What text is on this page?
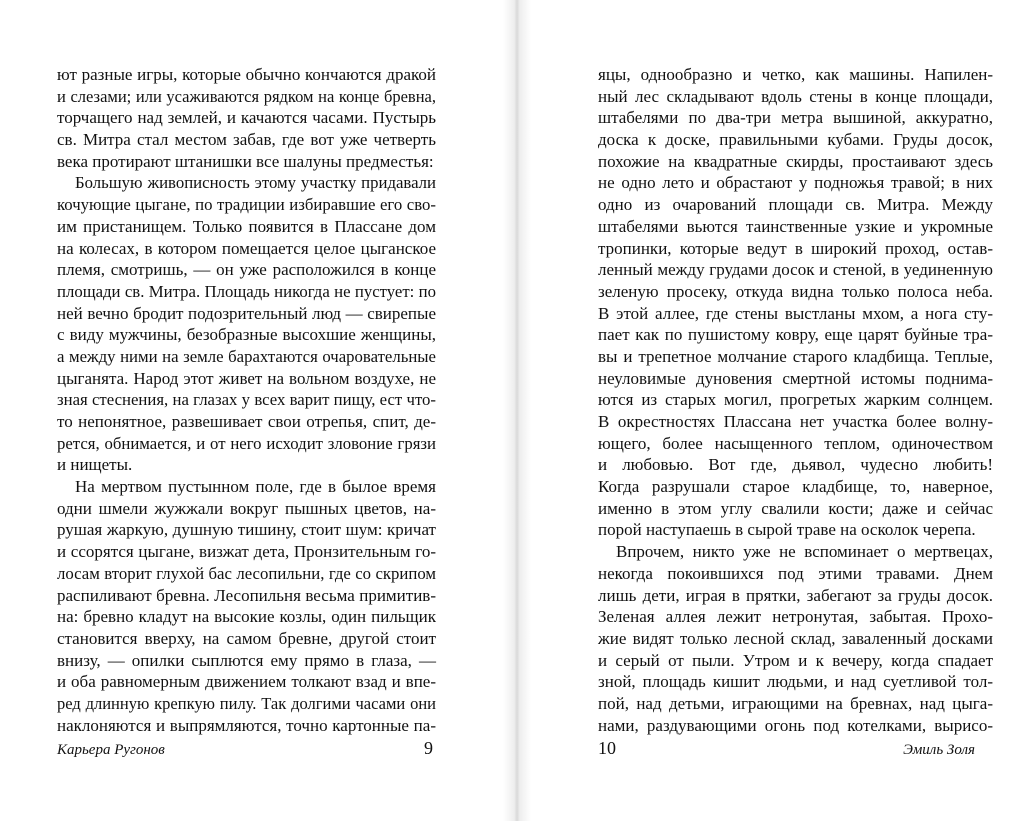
ют разные игры, которые обычно кончаются дракой
и слезами; или усаживаются рядком на конце бревна,
торчащего над землей, и качаются часами. Пустырь
св. Митра стал местом забав, где вот уже четверть
века протирают штанишки все шалуны предместья:
Большую живописность этому участку придавали
кочующие цыгане, по традиции избиравшие его сво-
им пристанищем. Только появится в Плассане дом
на колесах, в котором помещается целое цыганское
племя, смотришь, — он уже расположился в конце
площади св. Митра. Площадь никогда не пустует: по
ней вечно бродит подозрительный люд — свирепые
с виду мужчины, безобразные высохшие женщины,
а между ними на земле барахтаются очаровательные
цыганята. Народ этот живет на вольном воздухе, не
зная стеснения, на глазах у всех варит пищу, ест что-
то непонятное, развешивает свои отрепья, спит, де-
рется, обнимается, и от него исходит зловоние грязи
и нищеты.
На мертвом пустынном поле, где в былое время
одни шмели жужжали вокруг пышных цветов, на-
рушая жаркую, душную тишину, стоит шум: кричат
и ссорятся цыгане, визжат дета, Пронзительным го-
лосам вторит глухой бас лесопильни, где со скрипом
распиливают бревна. Лесопильня весьма примитив-
на: бревно кладут на высокие козлы, один пильщик
становится вверху, на самом бревне, другой стоит
внизу, — опилки сыплются ему прямо в глаза, —
и оба равномерным движением толкают взад и впе-
ред длинную крепкую пилу. Так долгими часами они
наклоняются и выпрямляются, точно картонные па-
Карьера Ругонов	9
яцы, однообразно и четко, как машины. Напилен-
ный лес складывают вдоль стены в конце площади,
штабелями по два-три метра вышиной, аккуратно,
доска к доске, правильными кубами. Груды досок,
похожие на квадратные скирды, простаивают здесь
не одно лето и обрастают у подножья травой; в них
одно из очарований площади св. Митра. Между
штабелями вьются таинственные узкие и укромные
тропинки, которые ведут в широкий проход, остав-
ленный между грудами досок и стеной, в уединенную
зеленую просеку, откуда видна только полоса неба.
В этой аллее, где стены выстланы мхом, а нога сту-
пает как по пушистому ковру, еще царят буйные тра-
вы и трепетное молчание старого кладбища. Теплые,
неуловимые дуновения смертной истомы поднима-
ются из старых могил, прогретых жарким солнцем.
В окрестностях Плассана нет участка более волну-
ющего, более насыщенного теплом, одиночеством
и любовью. Вот где, дьявол, чудесно любить!
Когда разрушали старое кладбище, то, наверное,
именно в этом углу свалили кости; даже и сейчас
порой наступаешь в сырой траве на осколок черепа.
Впрочем, никто уже не вспоминает о мертвецах,
некогда покоившихся под этими травами. Днем
лишь дети, играя в прятки, забегают за груды досок.
Зеленая аллея лежит нетронутая, забытая. Прохо-
жие видят только лесной склад, заваленный досками
и серый от пыли. Утром и к вечеру, когда спадает
зной, площадь кишит людьми, и над суетливой тол-
пой, над детьми, играющими на бревнах, над цыга-
нами, раздувающими огонь под котелками, вырисо-
10	Эмиль Золя
